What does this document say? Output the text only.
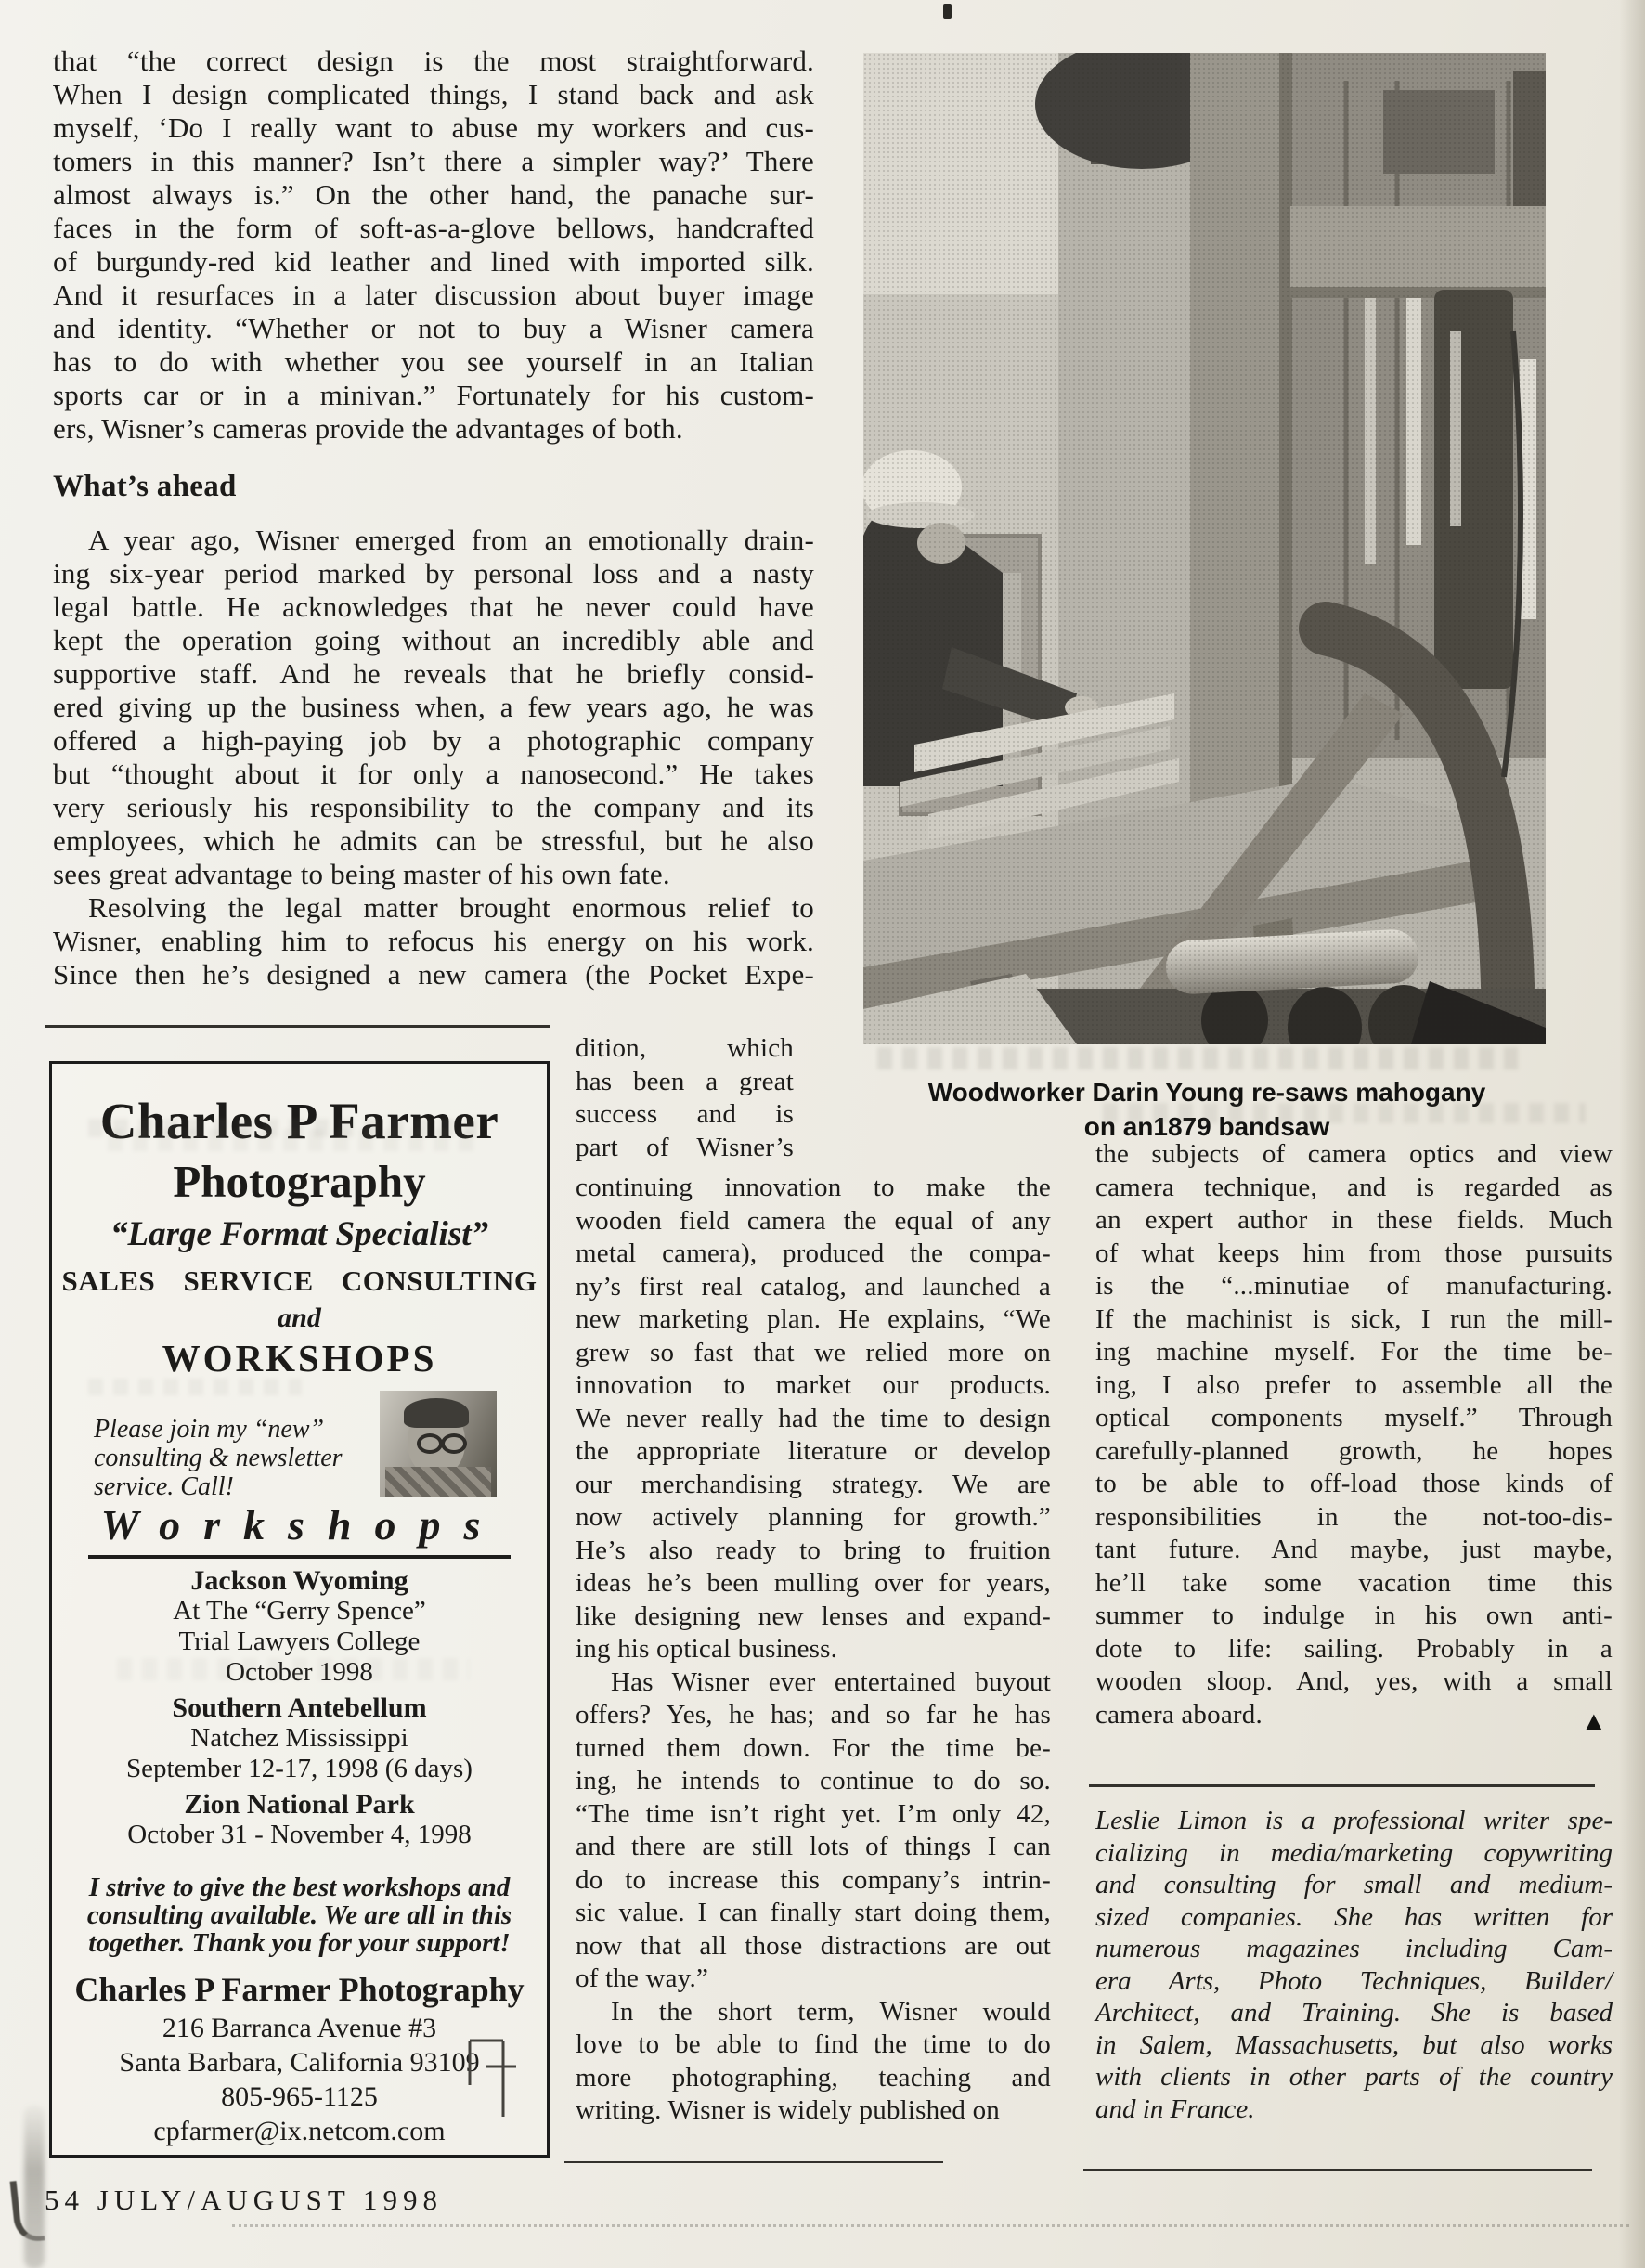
that “the correct design is the most straightforward.
When I design complicated things, I stand back and ask
myself, ‘Do I really want to abuse my workers and cus-
tomers in this manner? Isn’t there a simpler way?’ There
almost always is.” On the other hand, the panache sur-
faces in the form of soft-as-a-glove bellows, handcrafted
of burgundy-red kid leather and lined with imported silk.
And it resurfaces in a later discussion about buyer image
and identity. “Whether or not to buy a Wisner camera
has to do with whether you see yourself in an Italian
sports car or in a minivan.” Fortunately for his custom-
ers, Wisner’s cameras provide the advantages of both.
What’s ahead
A year ago, Wisner emerged from an emotionally drain-
ing six-year period marked by personal loss and a nasty
legal battle. He acknowledges that he never could have
kept the operation going without an incredibly able and
supportive staff. And he reveals that he briefly consid-
ered giving up the business when, a few years ago, he was
offered a high-paying job by a photographic company
but “thought about it for only a nanosecond.” He takes
very seriously his responsibility to the company and its
employees, which he admits can be stressful, but he also
sees great advantage to being master of his own fate.
Resolving the legal matter brought enormous relief to
Wisner, enabling him to refocus his energy on his work.
Since then he’s designed a new camera (the Pocket Expe-
Woodworker Darin Young re-saws mahogany
on an1879 bandsaw
dition, which
has been a great
success and is
part of Wisner’s
continuing innovation to make the
wooden field camera the equal of any
metal camera), produced the compa-
ny’s first real catalog, and launched a
new marketing plan. He explains, “We
grew so fast that we relied more on
innovation to market our products.
We never really had the time to design
the appropriate literature or develop
our merchandising strategy. We are
now actively planning for growth.”
He’s also ready to bring to fruition
ideas he’s been mulling over for years,
like designing new lenses and expand-
ing his optical business.
Has Wisner ever entertained buyout
offers? Yes, he has; and so far he has
turned them down. For the time be-
ing, he intends to continue to do so.
“The time isn’t right yet. I’m only 42,
and there are still lots of things I can
do to increase this company’s intrin-
sic value. I can finally start doing them,
now that all those distractions are out
of the way.”
In the short term, Wisner would
love to be able to find the time to do
more photographing, teaching and
writing. Wisner is widely published on
the subjects of camera optics and view
camera technique, and is regarded as
an expert author in these fields. Much
of what keeps him from those pursuits
is the “...minutiae of manufacturing.
If the machinist is sick, I run the mill-
ing machine myself. For the time be-
ing, I also prefer to assemble all the
optical components myself.” Through
carefully-planned growth, he hopes
to be able to off-load those kinds of
responsibilities in the not-too-dis-
tant future. And maybe, just maybe,
he’ll take some vacation time this
summer to indulge in his own anti-
dote to life: sailing. Probably in a
wooden sloop. And, yes, with a small
camera aboard.	▲
Leslie Limon is a professional writer spe-
cializing in media/marketing copywriting
and consulting for small and medium-
sized companies. She has written for
numerous magazines including Cam-
era Arts, Photo Techniques, Builder/
Architect, and Training. She is based
in Salem, Massachusetts, but also works
with clients in other parts of the country
and in France.
Charles P Farmer
Photography
“Large Format Specialist”
SALES SERVICE CONSULTING
and
WORKSHOPS
Please join my “new”
consulting & newsletter
service. Call!
Workshops
Jackson Wyoming
At The “Gerry Spence”
Trial Lawyers College
October 1998
Southern Antebellum
Natchez Mississippi
September 12-17, 1998 (6 days)
Zion National Park
October 31 - November 4, 1998
I strive to give the best workshops and
consulting available. We are all in this
together. Thank you for your support!
Charles P Farmer Photography
216 Barranca Avenue #3
Santa Barbara, California 93109
805-965-1125
cpfarmer@ix.netcom.com
54 JULY/AUGUST 1998
